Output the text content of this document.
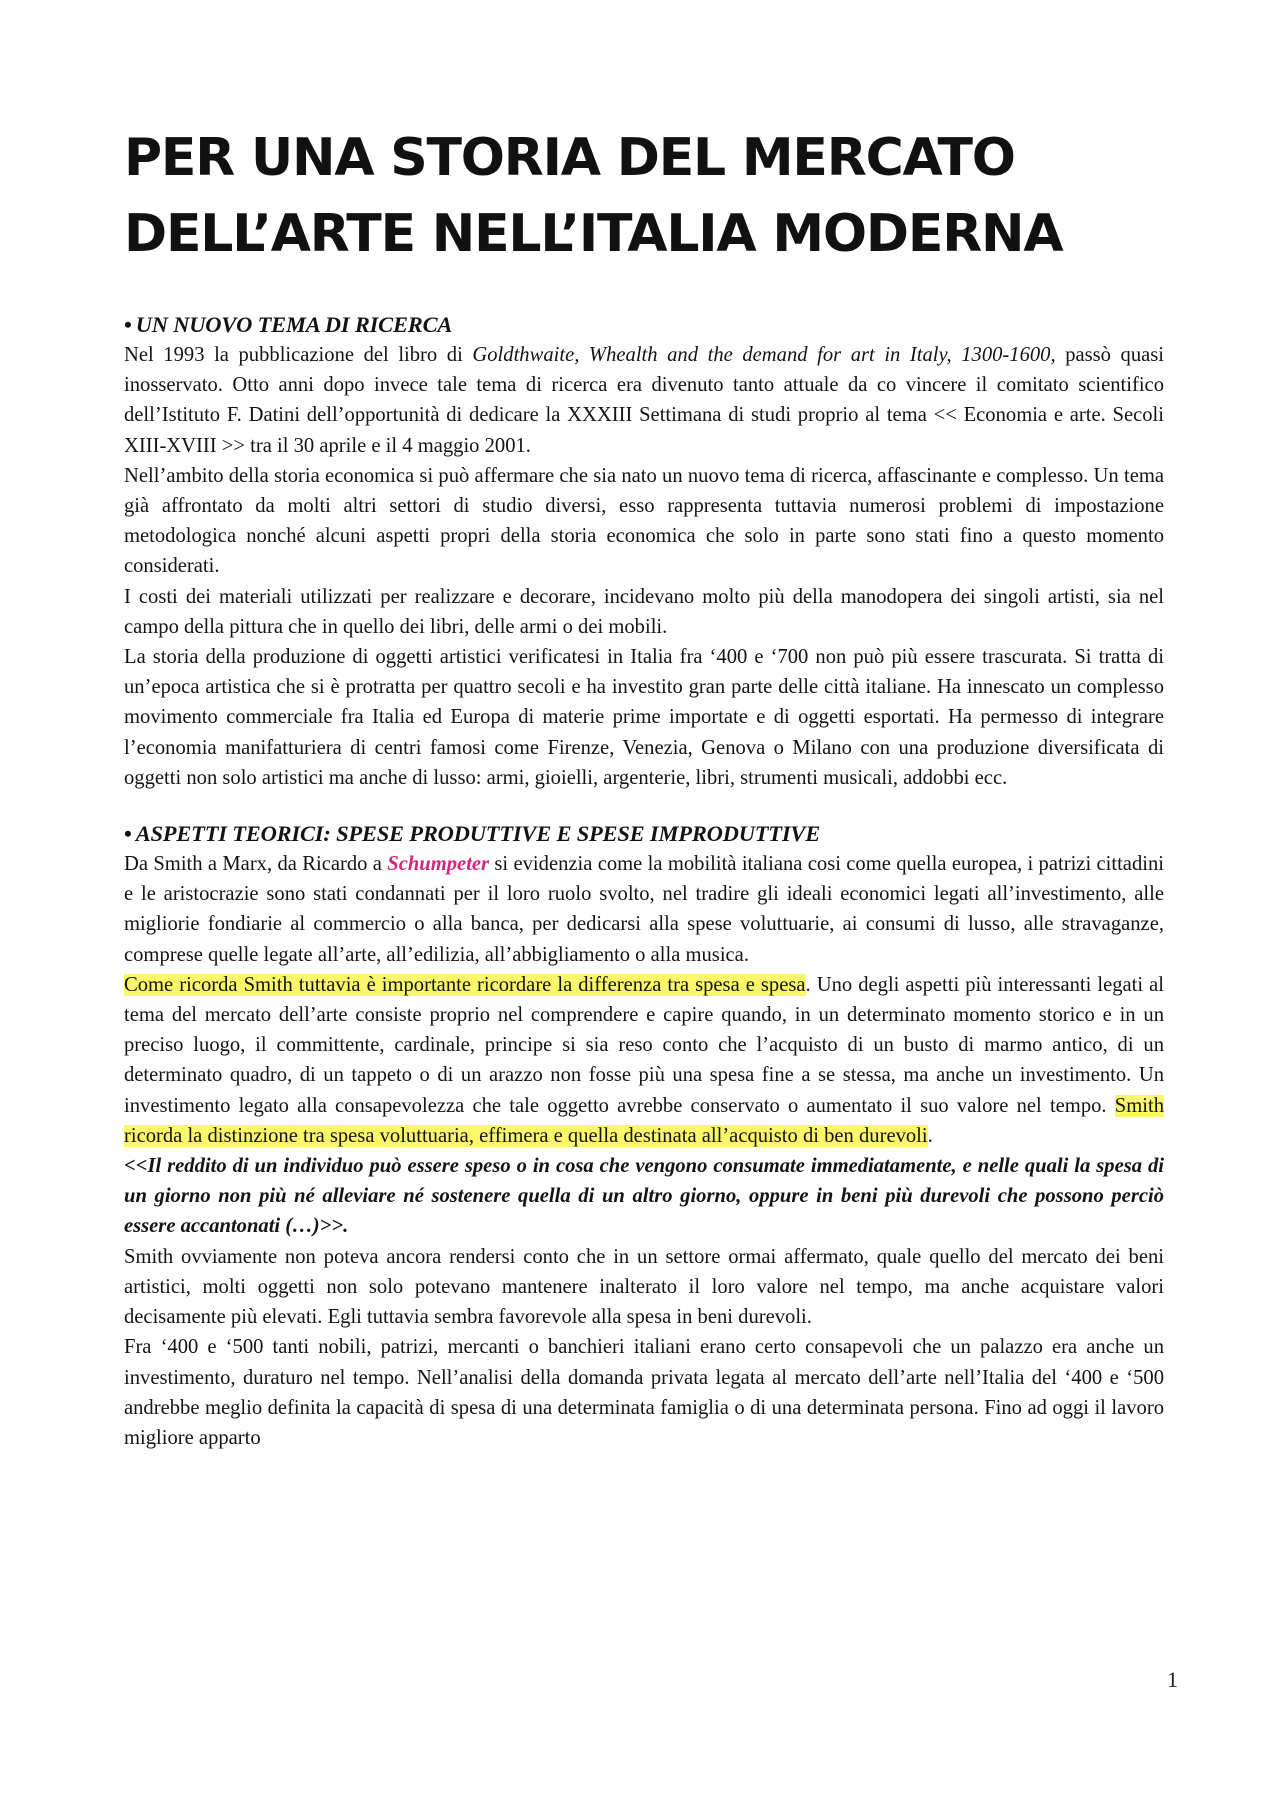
PER UNA STORIA DEL MERCATO
DELL’ARTE NELL’ITALIA MODERNA
• UN NUOVO TEMA DI RICERCA

Nel 1993 la pubblicazione del libro di Goldthwaite, Whealth and the demand for art in Italy, 1300-1600, passò quasi inosservato. Otto anni dopo invece tale tema di ricerca era divenuto tanto attuale da co vincere il comitato scientifico dell’Istituto F. Datini dell’opportunità di dedicare la XXXIII Settimana di studi proprio al tema << Economia e arte. Secoli XIII-XVIII >> tra il 30 aprile e il 4 maggio 2001.

Nell’ambito della storia economica si può affermare che sia nato un nuovo tema di ricerca, affascinante e complesso. Un tema già affrontato da molti altri settori di studio diversi, esso rappresenta tuttavia numerosi problemi di impostazione metodologica nonché alcuni aspetti propri della storia economica che solo in parte sono stati fino a questo momento considerati.

I costi dei materiali utilizzati per realizzare e decorare, incidevano molto più della manodopera dei singoli artisti, sia nel campo della pittura che in quello dei libri, delle armi o dei mobili.

La storia della produzione di oggetti artistici verificatesi in Italia fra ‘400 e ‘700 non può più essere trascurata. Si tratta di un’epoca artistica che si è protratta per quattro secoli e ha investito gran parte delle città italiane. Ha innescato un complesso movimento commerciale fra Italia ed Europa di materie prime importate e di oggetti esportati. Ha permesso di integrare l’economia manifatturiera di centri famosi come Firenze, Venezia, Genova o Milano con una produzione diversificata di oggetti non solo artistici ma anche di lusso: armi, gioielli, argenterie, libri, strumenti musicali, addobbi ecc.

• ASPETTI TEORICI: SPESE PRODUTTIVE E SPESE IMPRODUTTIVE

Da Smith a Marx, da Ricardo a Schumpeter si evidenzia come la mobilità italiana cosi come quella europea, i patrizi cittadini e le aristocrazie sono stati condannati per il loro ruolo svolto, nel tradire gli ideali economici legati all’investimento, alle migliorie fondiarie al commercio o alla banca, per dedicarsi alla spese voluttuarie, ai consumi di lusso, alle stravaganze, comprese quelle legate all’arte, all’edilizia, all’abbigliamento o alla musica.

Come ricorda Smith tuttavia è importante ricordare la differenza tra spesa e spesa. Uno degli aspetti più interessanti legati al tema del mercato dell’arte consiste proprio nel comprendere e capire quando, in un determinato momento storico e in un preciso luogo, il committente, cardinale, principe si sia reso conto che l’acquisto di un busto di marmo antico, di un determinato quadro, di un tappeto o di un arazzo non fosse più una spesa fine a se stessa, ma anche un investimento. Un investimento legato alla consapevolezza che tale oggetto avrebbe conservato o aumentato il suo valore nel tempo. Smith ricorda la distinzione tra spesa voluttuaria, effimera e quella destinata all’acquisto di ben durevoli.

<<Il reddito di un individuo può essere speso o in cosa che vengono consumate immediatamente, e nelle quali la spesa di un giorno non più né alleviare né sostenere quella di un altro giorno, oppure in beni più durevoli che possono perciò essere accantonati (…)>>.

Smith ovviamente non poteva ancora rendersi conto che in un settore ormai affermato, quale quello del mercato dei beni artistici, molti oggetti non solo potevano mantenere inalterato il loro valore nel tempo, ma anche acquistare valori decisamente più elevati. Egli tuttavia sembra favorevole alla spesa in beni durevoli.

Fra ‘400 e ‘500 tanti nobili, patrizi, mercanti o banchieri italiani erano certo consapevoli che un palazzo era anche un investimento, duraturo nel tempo. Nell’analisi della domanda privata legata al mercato dell’arte nell’Italia del ‘400 e ‘500 andrebbe meglio definita la capacità di spesa di una determinata famiglia o di una determinata persona. Fino ad oggi il lavoro migliore apparto

1
